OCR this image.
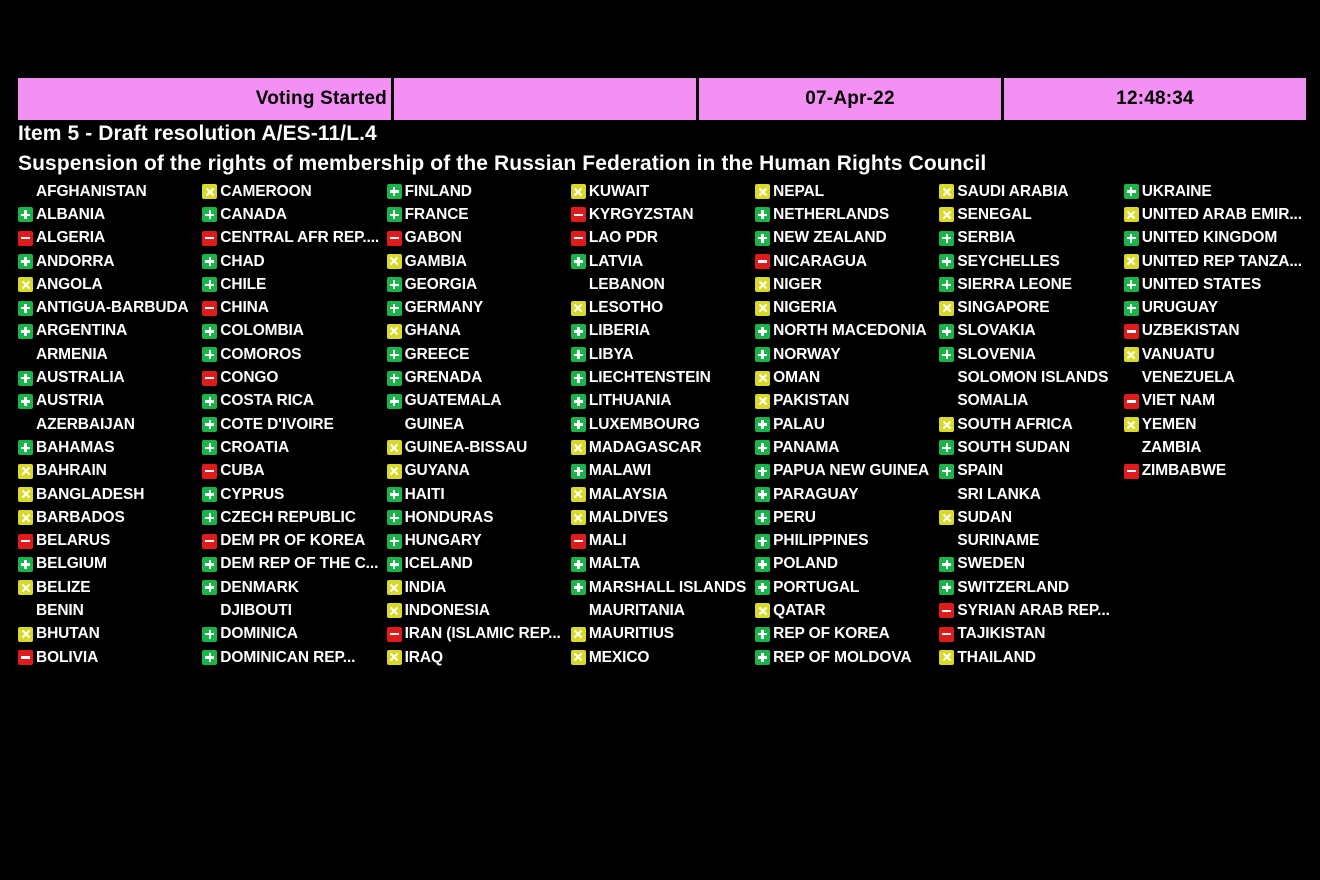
Voting Started	07-Apr-22	12:48:34
Item 5 - Draft resolution A/ES-11/L.4
Suspension of the rights of membership of the Russian Federation in the Human Rights Council
AFGHANISTAN
ALBANIA
ALGERIA
ANDORRA
ANGOLA
ANTIGUA-BARBUDA
ARGENTINA
ARMENIA
AUSTRALIA
AUSTRIA
AZERBAIJAN
BAHAMAS
BAHRAIN
BANGLADESH
BARBADOS
BELARUS
BELGIUM
BELIZE
BENIN
BHUTAN
BOLIVIA
CAMEROON
CANADA
CENTRAL AFR REP....
CHAD
CHILE
CHINA
COLOMBIA
COMOROS
CONGO
COSTA RICA
COTE D'IVOIRE
CROATIA
CUBA
CYPRUS
CZECH REPUBLIC
DEM PR OF KOREA
DEM REP OF THE C...
DENMARK
DJIBOUTI
DOMINICA
DOMINICAN REP...
FINLAND
FRANCE
GABON
GAMBIA
GEORGIA
GERMANY
GHANA
GREECE
GRENADA
GUATEMALA
GUINEA
GUINEA-BISSAU
GUYANA
HAITI
HONDURAS
HUNGARY
ICELAND
INDIA
INDONESIA
IRAN (ISLAMIC REP...
IRAQ
KUWAIT
KYRGYZSTAN
LAO PDR
LATVIA
LEBANON
LESOTHO
LIBERIA
LIBYA
LIECHTENSTEIN
LITHUANIA
LUXEMBOURG
MADAGASCAR
MALAWI
MALAYSIA
MALDIVES
MALI
MALTA
MARSHALL ISLANDS
MAURITANIA
MAURITIUS
MEXICO
NEPAL
NETHERLANDS
NEW ZEALAND
NICARAGUA
NIGER
NIGERIA
NORTH MACEDONIA
NORWAY
OMAN
PAKISTAN
PALAU
PANAMA
PAPUA NEW GUINEA
PARAGUAY
PERU
PHILIPPINES
POLAND
PORTUGAL
QATAR
REP OF KOREA
REP OF MOLDOVA
SAUDI ARABIA
SENEGAL
SERBIA
SEYCHELLES
SIERRA LEONE
SINGAPORE
SLOVAKIA
SLOVENIA
SOLOMON ISLANDS
SOMALIA
SOUTH AFRICA
SOUTH SUDAN
SPAIN
SRI LANKA
SUDAN
SURINAME
SWEDEN
SWITZERLAND
SYRIAN ARAB REP...
TAJIKISTAN
THAILAND
UKRAINE
UNITED ARAB EMIR...
UNITED KINGDOM
UNITED REP TANZA...
UNITED STATES
URUGUAY
UZBEKISTAN
VANUATU
VENEZUELA
VIET NAM
YEMEN
ZAMBIA
ZIMBABWE
